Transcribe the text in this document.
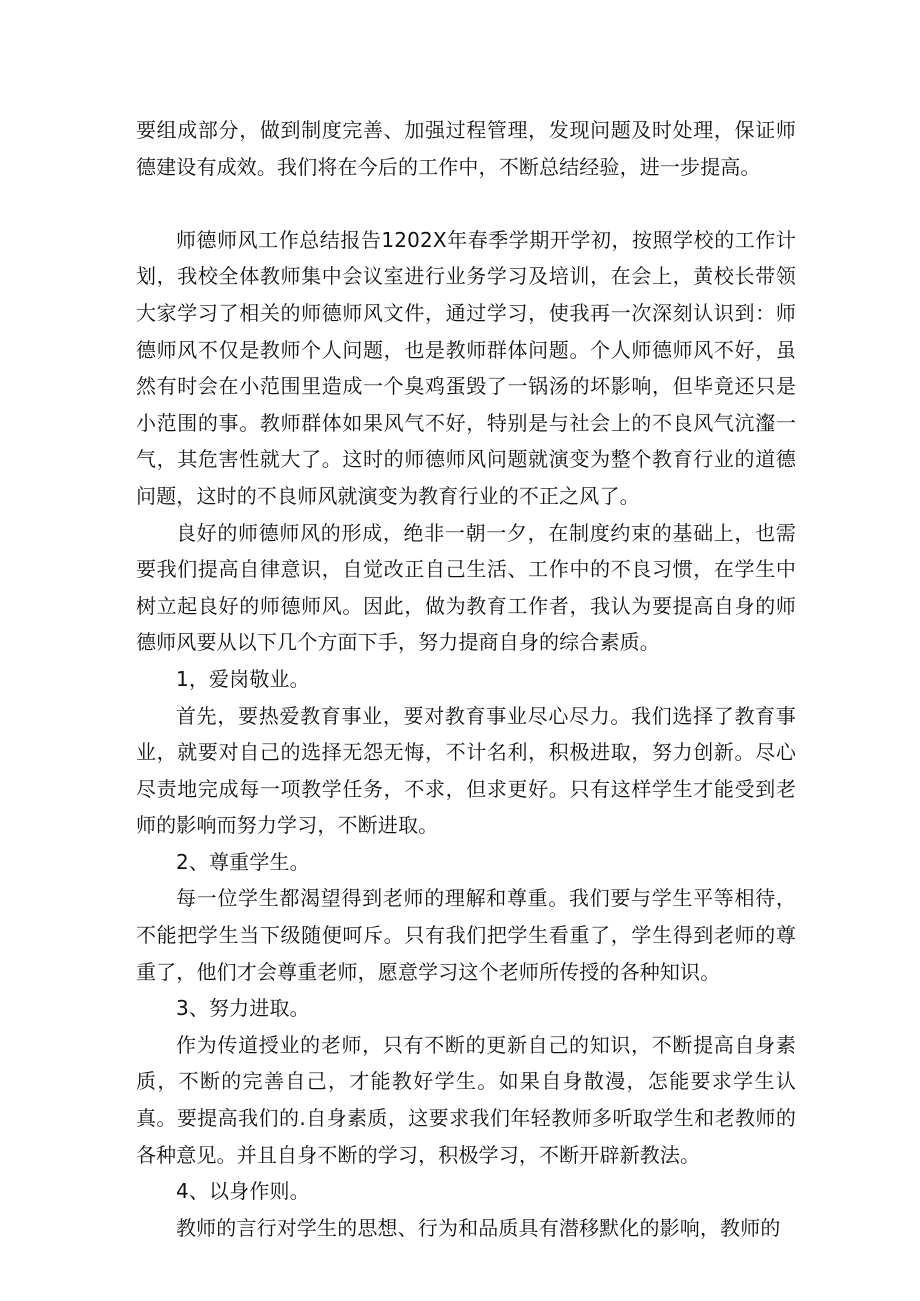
要组成部分，做到制度完善、加强过程管理，发现问题及时处理，保证师德建设有成效。我们将在今后的工作中，不断总结经验，进一步提高。

师德师风工作总结报告1202X年春季学期开学初，按照学校的工作计划，我校全体教师集中会议室进行业务学习及培训，在会上，黄校长带领大家学习了相关的师德师风文件，通过学习，使我再一次深刻认识到：师德师风不仅是教师个人问题，也是教师群体问题。个人师德师风不好，虽然有时会在小范围里造成一个臭鸡蛋毁了一锅汤的坏影响，但毕竟还只是小范围的事。教师群体如果风气不好，特别是与社会上的不良风气沆瀣一气，其危害性就大了。这时的师德师风问题就演变为整个教育行业的道德问题，这时的不良师风就演变为教育行业的不正之风了。

良好的师德师风的形成，绝非一朝一夕，在制度约束的基础上，也需要我们提高自律意识，自觉改正自己生活、工作中的不良习惯，在学生中树立起良好的师德师风。因此，做为教育工作者，我认为要提高自身的师德师风要从以下几个方面下手，努力提商自身的综合素质。

1，爱岗敬业。

首先，要热爱教育事业，要对教育事业尽心尽力。我们选择了教育事业，就要对自己的选择无怨无悔，不计名利，积极进取，努力创新。尽心尽责地完成每一项教学任务，不求，但求更好。只有这样学生才能受到老师的影响而努力学习，不断进取。

2、尊重学生。

每一位学生都渴望得到老师的理解和尊重。我们要与学生平等相待，不能把学生当下级随便呵斥。只有我们把学生看重了，学生得到老师的尊重了，他们才会尊重老师，愿意学习这个老师所传授的各种知识。

3、努力进取。

作为传道授业的老师，只有不断的更新自己的知识，不断提高自身素质，不断的完善自己，才能教好学生。如果自身散漫，怎能要求学生认真。要提高我们的.自身素质，这要求我们年轻教师多听取学生和老教师的各种意见。并且自身不断的学习，积极学习，不断开辟新教法。

4、以身作则。

教师的言行对学生的思想、行为和品质具有潜移默化的影响，教师的
